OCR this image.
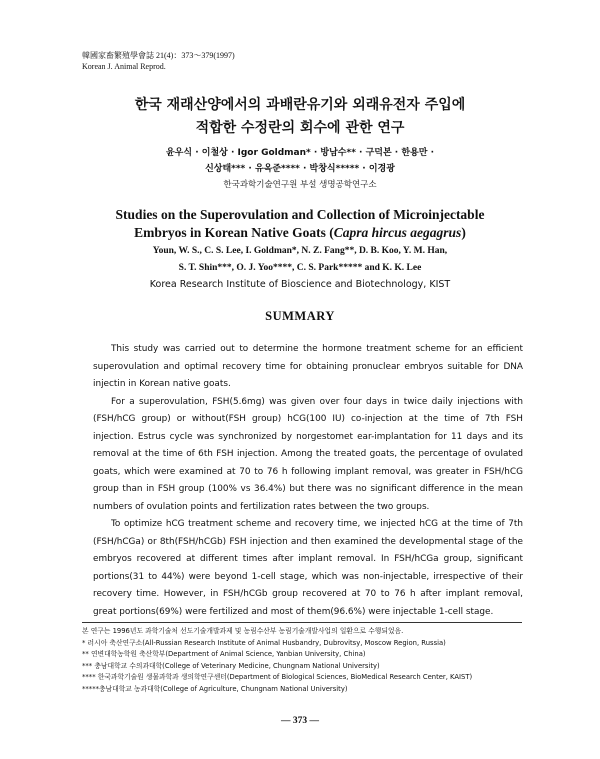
韓國家畜繁殖學會誌 21(4)：373～379(1997)
Korean J. Animal Reprod.
한국 재래산양에서의 과배란유기와 외래유전자 주입에
적합한 수정란의 회수에 관한 연구
윤우식 · 이철상 · Igor Goldman* · 방남수** · 구덕본 · 한용만 ·
신상태*** · 유옥준**** · 박창식***** · 이경광
한국과학기술연구원 부설 생명공학연구소
Studies on the Superovulation and Collection of Microinjectable
Embryos in Korean Native Goats (Capra hircus aegagrus)
Youn, W. S., C. S. Lee, I. Goldman*, N. Z. Fang**, D. B. Koo, Y. M. Han,
S. T. Shin***, O. J. Yoo****, C. S. Park***** and K. K. Lee
Korea Research Institute of Bioscience and Biotechnology, KIST
SUMMARY

This study was carried out to determine the hormone treatment scheme for an efficient superovulation and optimal recovery time for obtaining pronuclear embryos suitable for DNA injectin in Korean native goats.

For a superovulation, FSH(5.6mg) was given over four days in twice daily injections with (FSH/hCG group) or without(FSH group) hCG(100 IU) co-injection at the time of 7th FSH injection. Estrus cycle was synchronized by norgestomet ear-implantation for 11 days and its removal at the time of 6th FSH injection. Among the treated goats, the percentage of ovulated goats, which were examined at 70 to 76 h following implant removal, was greater in FSH/hCG group than in FSH group (100% vs 36.4%) but there was no significant difference in the mean numbers of ovulation points and fertilization rates between the two groups.

To optimize hCG treatment scheme and recovery time, we injected hCG at the time of 7th (FSH/hCGa) or 8th(FSH/hCGb) FSH injection and then examined the developmental stage of the embryos recovered at different times after implant removal. In FSH/hCGa group, significant portions(31 to 44%) were beyond 1-cell stage, which was non-injectable, irrespective of their recovery time. However, in FSH/hCGb group recovered at 70 to 76 h after implant removal, great portions(69%) were fertilized and most of them(96.6%) were injectable 1-cell stage.

본 연구는 1996년도 과학기술처 선도기술개발과제 및 농림수산부 농림기술개발사업의 일환으로 수행되었음.
* 러시아 축산연구소(All-Russian Research Institute of Animal Husbandry, Dubrovitsy, Moscow Region, Russia)
** 연변대학농학원 축산학부(Department of Animal Science, Yanbian University, China)
*** 충남대학교 수의과대학(College of Veterinary Medicine, Chungnam National University)
**** 한국과학기술원 생물과학과 생의학연구센터(Department of Biological Sciences, BioMedical Research Center, KAIST)
*****충남대학교 농과대학(College of Agriculture, Chungnam National University)
— 373 —
